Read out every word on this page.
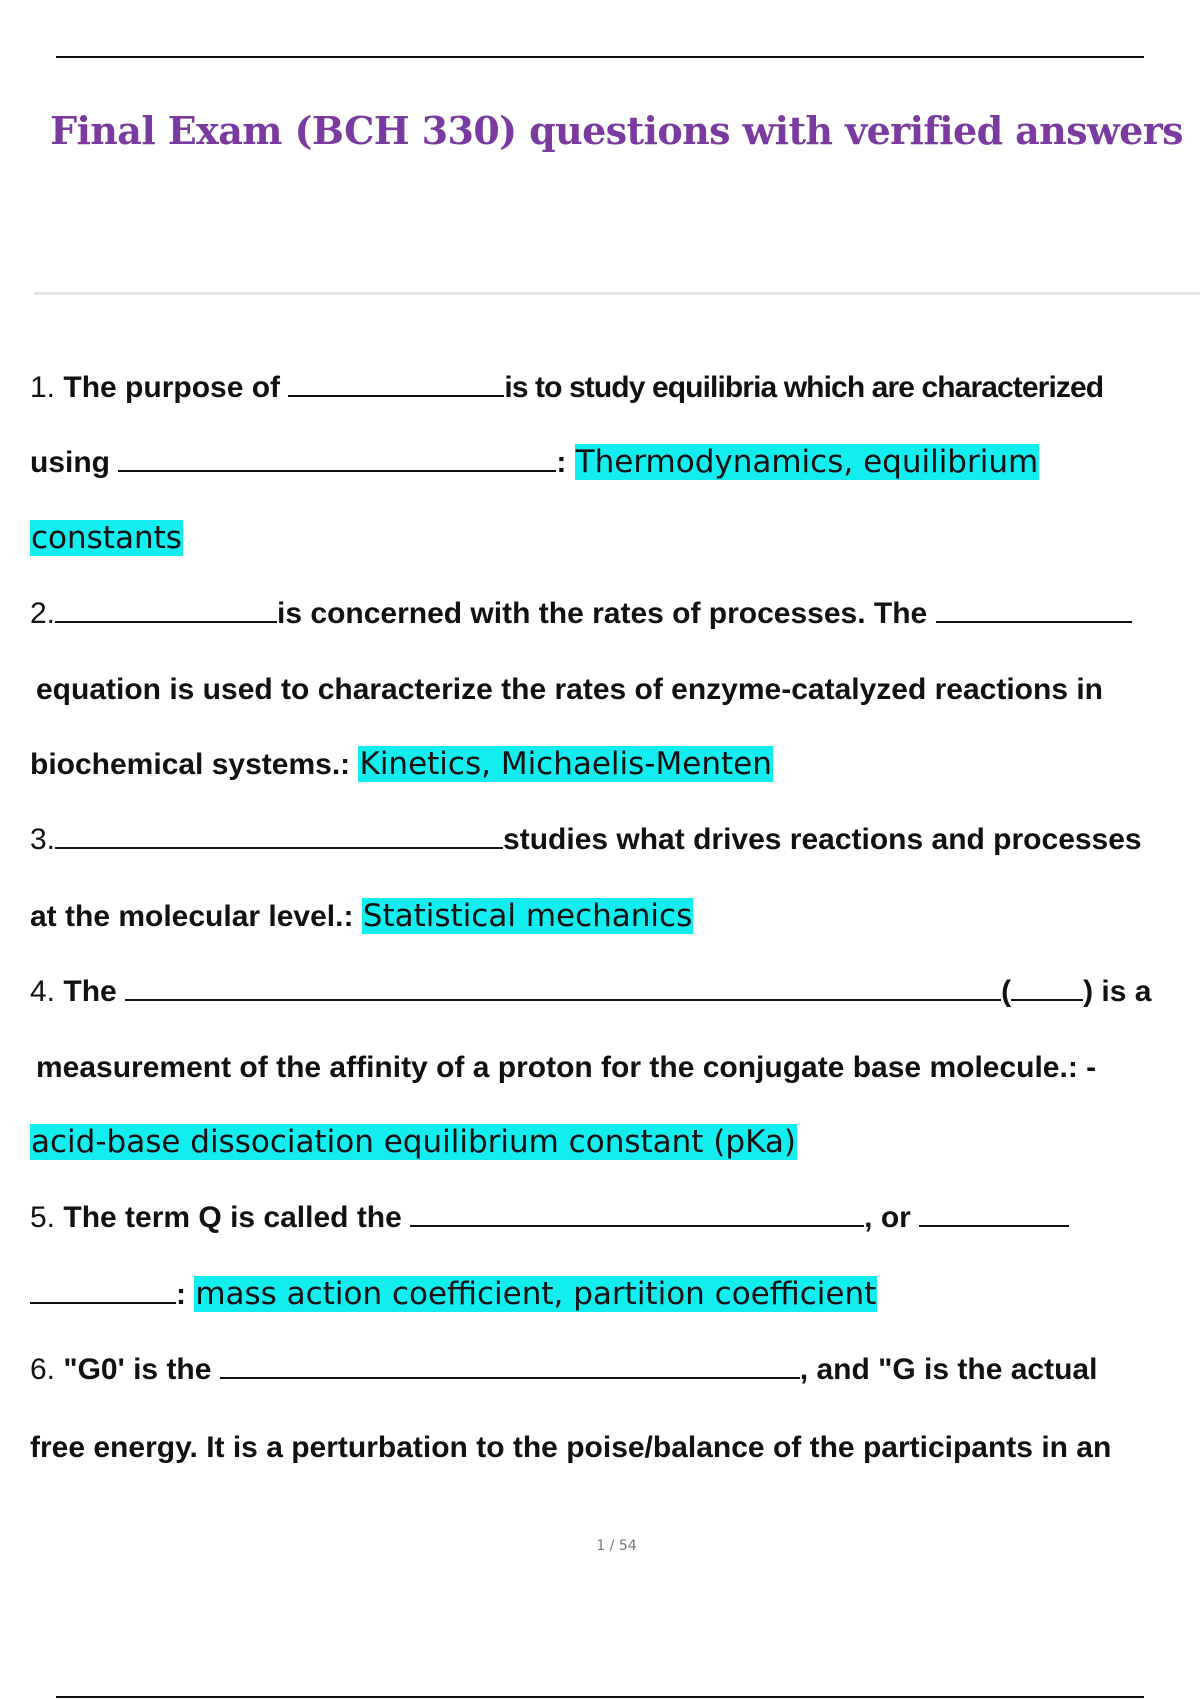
Final Exam (BCH 330) questions with verified answers
1. The purpose of	is to study equilibria which are characterized
using	: Thermodynamics, equilibrium
constants
2.	is concerned with the rates of processes. The
equation is used to characterize the rates of enzyme-catalyzed reactions in
biochemical systems.: Kinetics, Michaelis-Menten
3.	studies what drives reactions and processes
at the molecular level.: Statistical mechanics
4. The	( ) is a
measurement of the affinity of a proton for the conjugate base molecule.: -
acid-base dissociation equilibrium constant (pKa)
5. The term Q is called the	, or
: mass action coefficient, partition coefficient
6. "G0' is the	, and "G is the actual
free energy. It is a perturbation to the poise/balance of the participants in an
1 / 54
